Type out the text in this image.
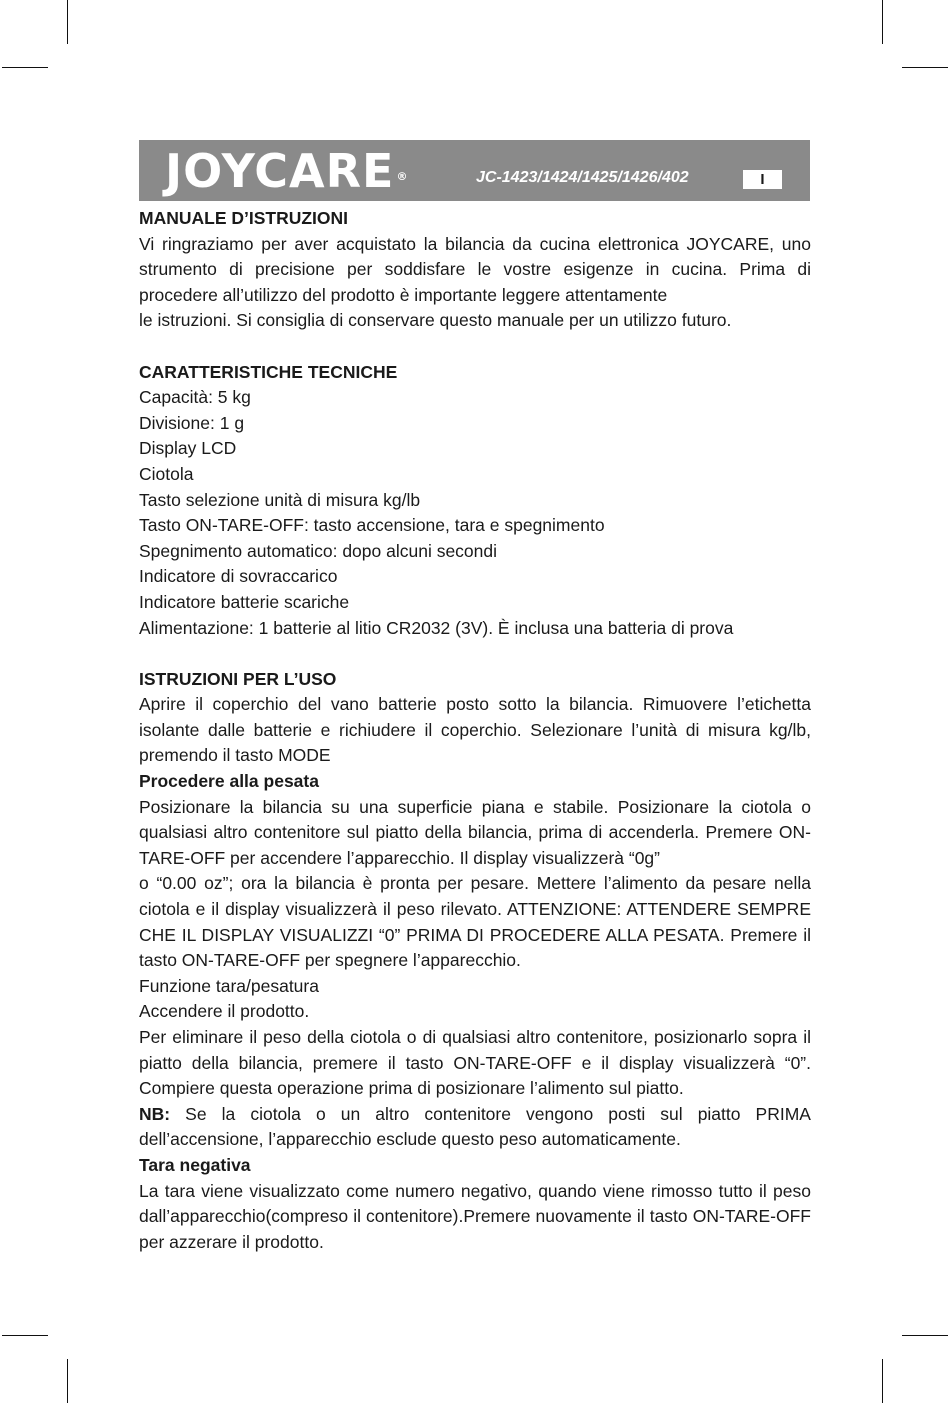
JOYCARE ®	JC-1423/1424/1425/1426/402	I

MANUALE D’ISTRUZIONI

Vi ringraziamo per aver acquistato la bilancia da cucina elettronica JOYCARE, uno strumento di precisione per soddisfare le vostre esigenze in cucina. Prima di procedere all’utilizzo del prodotto è importante leggere attentamente

le istruzioni. Si consiglia di conservare questo manuale per un utilizzo futuro.

CARATTERISTICHE TECNICHE

Capacità: 5 kg

Divisione: 1 g

Display LCD

Ciotola

Tasto selezione unità di misura kg/lb

Tasto ON-TARE-OFF: tasto accensione, tara e spegnimento

Spegnimento automatico: dopo alcuni secondi

Indicatore di sovraccarico

Indicatore batterie scariche

Alimentazione: 1 batterie al litio CR2032 (3V). È inclusa una batteria di prova

ISTRUZIONI PER L’USO

Aprire il coperchio del vano batterie posto sotto la bilancia. Rimuovere l’etichetta isolante dalle batterie e richiudere il coperchio. Selezionare l’unità di misura kg/lb, premendo il tasto MODE

Procedere alla pesata

Posizionare la bilancia su una superficie piana e stabile. Posizionare la ciotola o qualsiasi altro contenitore sul piatto della bilancia, prima di accenderla. Premere ON-TARE-OFF per accendere l’apparecchio. Il display visualizzerà “0g”

o “0.00 oz”; ora la bilancia è pronta per pesare. Mettere l’alimento da pesare nella ciotola e il display visualizzerà il peso rilevato. ATTENZIONE: ATTENDERE SEMPRE CHE IL DISPLAY VISUALIZZI “0” PRIMA DI PROCEDERE ALLA PESATA. Premere il tasto ON-TARE-OFF per spegnere l’apparecchio.

Funzione tara/pesatura

Accendere il prodotto.

Per eliminare il peso della ciotola o di qualsiasi altro contenitore, posizionarlo sopra il piatto della bilancia, premere il tasto ON-TARE-OFF e il display visualizzerà “0”. Compiere questa operazione prima di posizionare l’alimento sul piatto.

NB: Se la ciotola o un altro contenitore vengono posti sul piatto PRIMA dell’accensione, l’apparecchio esclude questo peso automaticamente.

Tara negativa

La tara viene visualizzato come numero negativo, quando viene rimosso tutto il peso dall’apparecchio(compreso il contenitore).Premere nuovamente il tasto ON-TARE-OFF per azzerare il prodotto.
